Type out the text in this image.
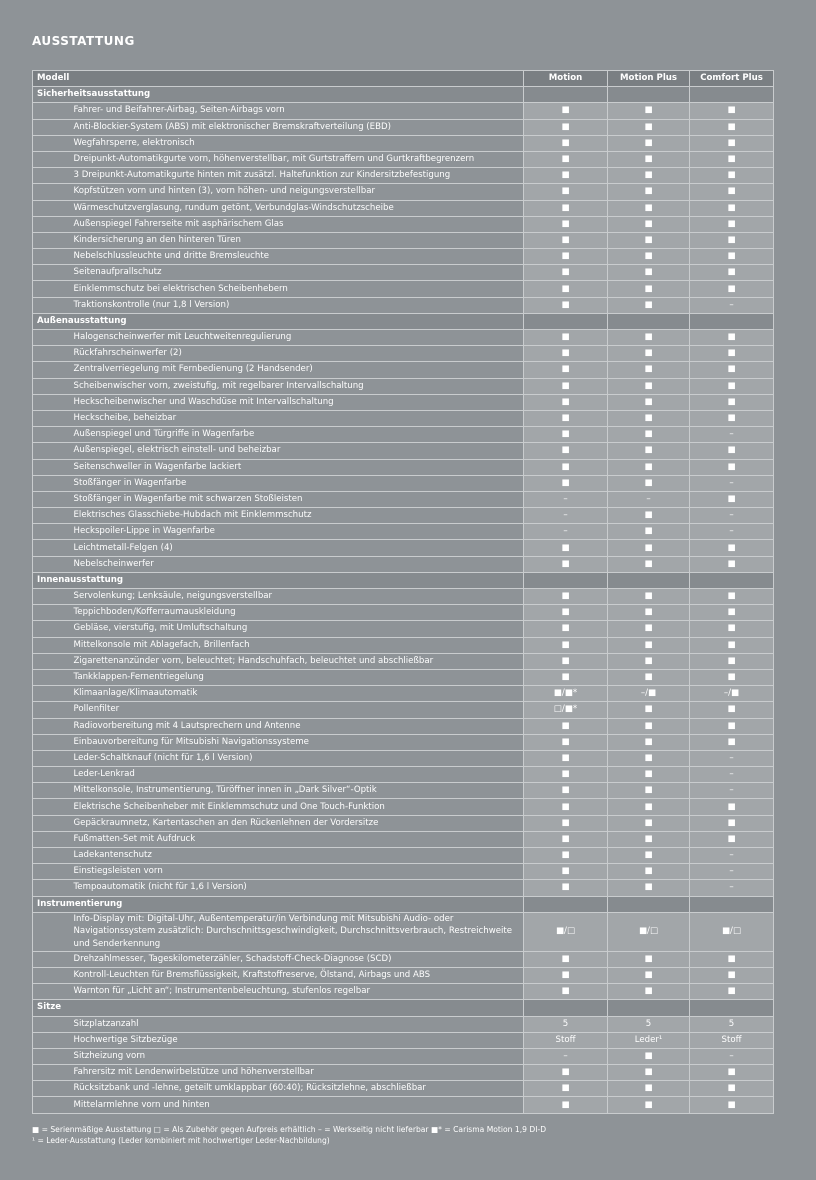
AUSSTATTUNG
Modell		Motion	Motion Plus	Comfort Plus
Sicherheitsausstattung				
	Fahrer- und Beifahrer-Airbag, Seiten-Airbags vorn	■	■	■
	Anti-Blockier-System (ABS) mit elektronischer Bremskraftverteilung (EBD)	■	■	■
	Wegfahrsperre, elektronisch	■	■	■
	Dreipunkt-Automatikgurte vorn, höhenverstellbar, mit Gurtstraffern und Gurtkraftbegrenzern	■	■	■
	3 Dreipunkt-Automatikgurte hinten mit zusätzl. Haltefunktion zur Kindersitzbefestigung	■	■	■
	Kopfstützen vorn und hinten (3), vorn höhen- und neigungsverstellbar	■	■	■
	Wärmeschutzverglasung, rundum getönt, Verbundglas-Windschutzscheibe	■	■	■
	Außenspiegel Fahrerseite mit asphärischem Glas	■	■	■
	Kindersicherung an den hinteren Türen	■	■	■
	Nebelschlussleuchte und dritte Bremsleuchte	■	■	■
	Seitenaufprallschutz	■	■	■
	Einklemmschutz bei elektrischen Scheibenhebern	■	■	■
	Traktionskontrolle (nur 1,8 l Version)	■	■	–
Außenausstattung				
	Halogenscheinwerfer mit Leuchtweitenregulierung	■	■	■
	Rückfahrscheinwerfer (2)	■	■	■
	Zentralverriegelung mit Fernbedienung (2 Handsender)	■	■	■
	Scheibenwischer vorn, zweistufig, mit regelbarer Intervallschaltung	■	■	■
	Heckscheibenwischer und Waschdüse mit Intervallschaltung	■	■	■
	Heckscheibe, beheizbar	■	■	■
	Außenspiegel und Türgriffe in Wagenfarbe	■	■	–
	Außenspiegel, elektrisch einstell- und beheizbar	■	■	■
	Seitenschweller in Wagenfarbe lackiert	■	■	■
	Stoßfänger in Wagenfarbe	■	■	–
	Stoßfänger in Wagenfarbe mit schwarzen Stoßleisten	–	–	■
	Elektrisches Glasschiebe-Hubdach mit Einklemmschutz	–	■	–
	Heckspoiler-Lippe in Wagenfarbe	–	■	–
	Leichtmetall-Felgen (4)	■	■	■
	Nebelscheinwerfer	■	■	■
Innenausstattung				
	Servolenkung; Lenksäule, neigungsverstellbar	■	■	■
	Teppichboden/Kofferraumauskleidung	■	■	■
	Gebläse, vierstufig, mit Umluftschaltung	■	■	■
	Mittelkonsole mit Ablagefach, Brillenfach	■	■	■
	Zigarettenanzünder vorn, beleuchtet; Handschuhfach, beleuchtet und abschließbar	■	■	■
	Tankklappen-Fernentriegelung	■	■	■
	Klimaanlage/Klimaautomatik	■/■*	–/■	–/■
	Pollenfilter	□/■*	■	■
	Radiovorbereitung mit 4 Lautsprechern und Antenne	■	■	■
	Einbauvorbereitung für Mitsubishi Navigationssysteme	■	■	■
	Leder-Schaltknauf (nicht für 1,6 l Version)	■	■	–
	Leder-Lenkrad	■	■	–
	Mittelkonsole, Instrumentierung, Türöffner innen in „Dark Silver“-Optik	■	■	–
	Elektrische Scheibenheber mit Einklemmschutz und One Touch-Funktion	■	■	■
	Gepäckraumnetz, Kartentaschen an den Rückenlehnen der Vordersitze	■	■	■
	Fußmatten-Set mit Aufdruck	■	■	■
	Ladekantenschutz	■	■	–
	Einstiegsleisten vorn	■	■	–
	Tempoautomatik (nicht für 1,6 l Version)	■	■	–
Instrumentierung				
	Info-Display mit: Digital-Uhr, Außentemperatur/in Verbindung mit Mitsubishi Audio- oder Navigationssystem zusätzlich: Durchschnittsgeschwindigkeit, Durchschnittsverbrauch, Restreichweite und Senderkennung	■/□	■/□	■/□
	Drehzahlmesser, Tageskilometerzähler, Schadstoff-Check-Diagnose (SCD)	■	■	■
	Kontroll-Leuchten für Bremsflüssigkeit, Kraftstoffreserve, Ölstand, Airbags und ABS	■	■	■
	Warnton für „Licht an“; Instrumentenbeleuchtung, stufenlos regelbar	■	■	■
Sitze				
	Sitzplatzanzahl	5	5	5
	Hochwertige Sitzbezüge	Stoff	Leder¹	Stoff
	Sitzheizung vorn	–	■	–
	Fahrersitz mit Lendenwirbelstütze und höhenverstellbar	■	■	■
	Rücksitzbank und -lehne, geteilt umklappbar (60:40); Rücksitzlehne, abschließbar	■	■	■
	Mittelarmlehne vorn und hinten	■	■	■
■ = Serienmäßige Ausstattung □ = Als Zubehör gegen Aufpreis erhältlich – = Werkseitig nicht lieferbar ■* = Carisma Motion 1,9 DI-D
¹ = Leder-Ausstattung (Leder kombiniert mit hochwertiger Leder-Nachbildung)
